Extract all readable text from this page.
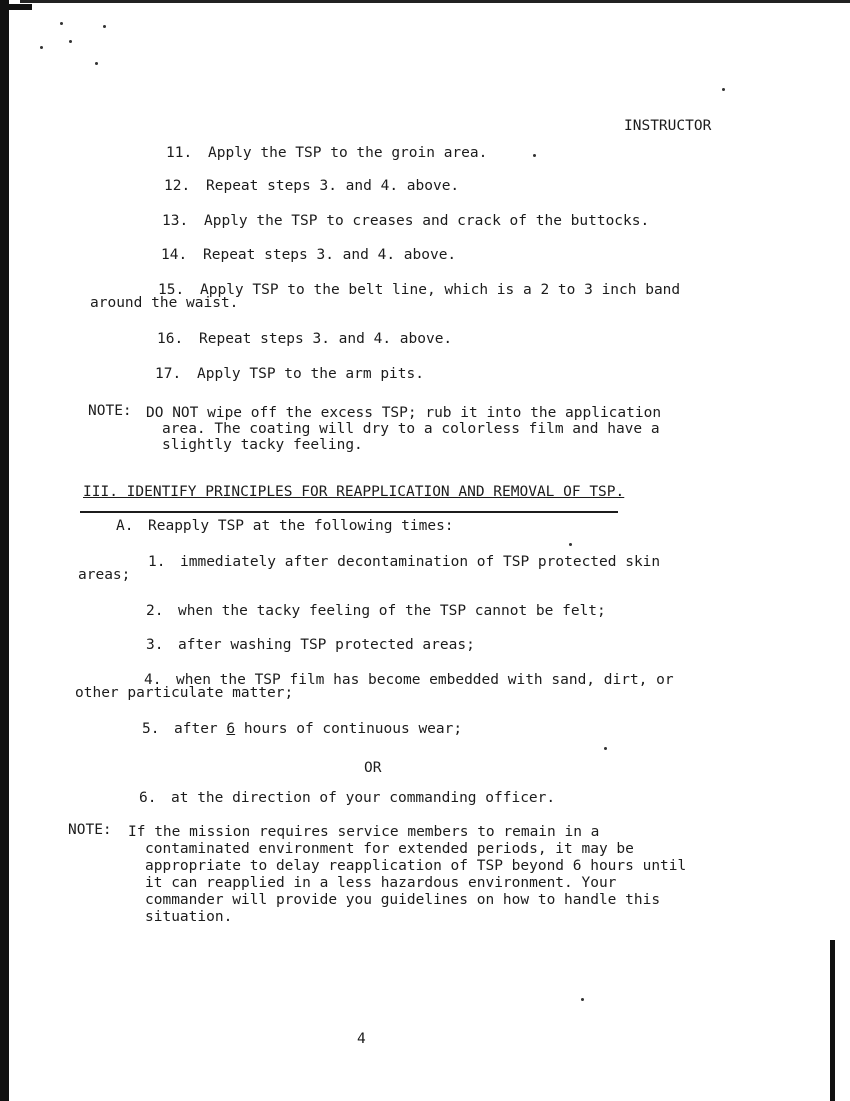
INSTRUCTOR
11. Apply the TSP to the groin area.
12. Repeat steps 3. and 4. above.
13. Apply the TSP to creases and crack of the buttocks.
14. Repeat steps 3. and 4. above.
15. Apply TSP to the belt line, which is a 2 to 3 inch band
around the waist.
16. Repeat steps 3. and 4. above.
17. Apply TSP to the arm pits.
NOTE: DO NOT wipe off the excess TSP; rub it into the application
area. The coating will dry to a colorless film and have a
slightly tacky feeling.
III. IDENTIFY PRINCIPLES FOR REAPPLICATION AND REMOVAL OF TSP.
A. Reapply TSP at the following times:
1. immediately after decontamination of TSP protected skin
areas;
2. when the tacky feeling of the TSP cannot be felt;
3. after washing TSP protected areas;
4. when the TSP film has become embedded with sand, dirt, or
other particulate matter;
5. after 6 hours of continuous wear;
OR
6. at the direction of your commanding officer.
NOTE: If the mission requires service members to remain in a
contaminated environment for extended periods, it may be
appropriate to delay reapplication of TSP beyond 6 hours until
it can reapplied in a less hazardous environment. Your
commander will provide you guidelines on how to handle this
situation.
4
